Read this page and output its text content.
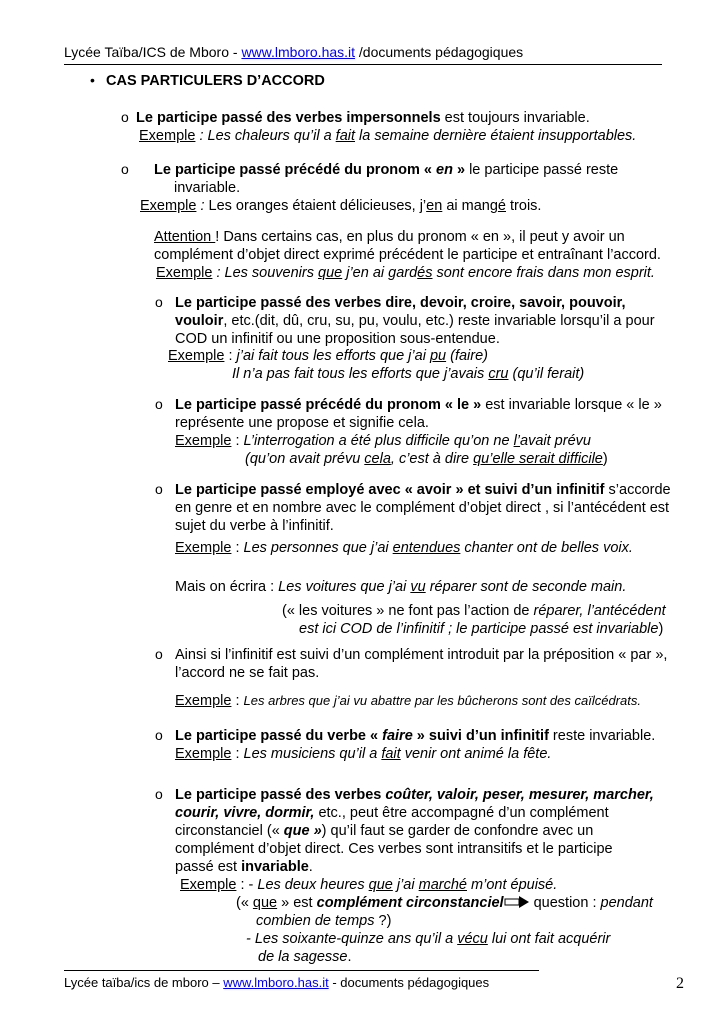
Lycée Taïba/ICS de Mboro - www.lmboro.has.it /documents pédagogiques
• CAS PARTICULERS D’ACCORD
o Le participe passé des verbes impersonnels est toujours invariable.
Exemple : Les chaleurs qu’il a fait la semaine dernière étaient insupportables.
o Le participe passé précédé du pronom « en » le participe passé reste
invariable.
Exemple : Les oranges étaient délicieuses, j’en ai mangé trois.
Attention ! Dans certains cas, en plus du pronom « en », il peut y avoir un
complément d’objet direct exprimé précédent le participe et entraînant l’accord.
Exemple : Les souvenirs que j’en ai gardés sont encore frais dans mon esprit.
o Le participe passé des verbes dire, devoir, croire, savoir, pouvoir,
vouloir, etc.(dit, dû, cru, su, pu, voulu, etc.) reste invariable lorsqu’il a pour
COD un infinitif ou une proposition sous-entendue.
Exemple : j’ai fait tous les efforts que j’ai pu (faire)
Il n’a pas fait tous les efforts que j’avais cru (qu’il ferait)
o Le participe passé précédé du pronom « le » est invariable lorsque « le »
représente une propose et signifie cela.
Exemple : L’interrogation a été plus difficile qu’on ne l’avait prévu
(qu’on avait prévu cela, c’est à dire qu’elle serait difficile)
o Le participe passé employé avec « avoir » et suivi d’un infinitif s’accorde
en genre et en nombre avec le complément d’objet direct , si l’antécédent est
sujet du verbe à l’infinitif.
Exemple : Les personnes que j’ai entendues chanter ont de belles voix.
Mais on écrira : Les voitures que j’ai vu réparer sont de seconde main.
(« les voitures » ne font pas l’action de réparer, l’antécédent
est ici COD de l’infinitif ; le participe passé est invariable)
o Ainsi si l’infinitif est suivi d’un complément introduit par la préposition « par »,
l’accord ne se fait pas.
Exemple : Les arbres que j’ai vu abattre par les bûcherons sont des caïlcédrats.
o Le participe passé du verbe « faire » suivi d’un infinitif reste invariable.
Exemple : Les musiciens qu’il a fait venir ont animé la fête.
o Le participe passé des verbes coûter, valoir, peser, mesurer, marcher,
courir, vivre, dormir, etc., peut être accompagné d’un complément
circonstanciel (« que ») qu’il faut se garder de confondre avec un
complément d’objet direct. Ces verbes sont intransitifs et le participe
passé est invariable.
Exemple : - Les deux heures que j’ai marché m’ont épuisé.
(« que » est complément circonstanciel
question : pendant
combien de temps ?)
- Les soixante-quinze ans qu’il a vécu lui ont fait acquérir
de la sagesse.
Lycée taïba/ics de mboro – www.lmboro.has.it - documents pédagogiques	2
